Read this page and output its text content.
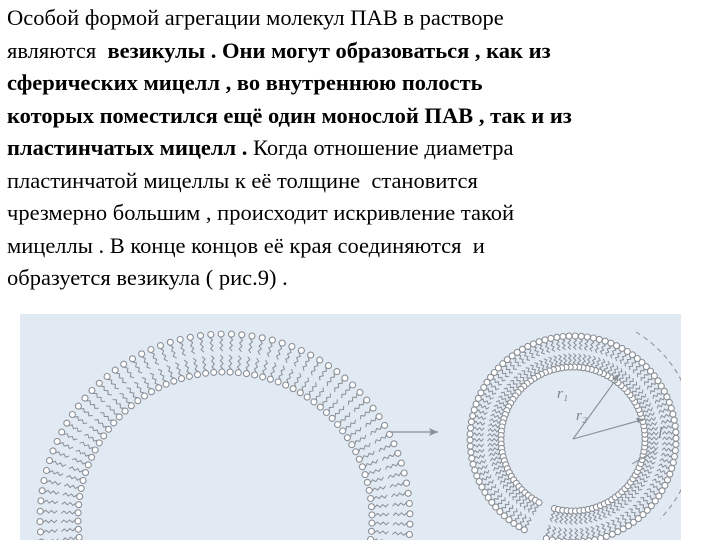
Особой формой агрегации молекул ПАВ в растворе
являются  везикулы . Они могут образоваться , как из
сферических мицелл , во внутреннюю полость
которых поместился ещё один монослой ПАВ , так и из
пластинчатых мицелл . Когда отношение диаметра
пластинчатой мицеллы к её толщине  становится
чрезмерно большим , происходит искривление такой
мицеллы . В конце концов её края соединяются  и
образуется везикула ( рис.9) .
r₁
r₂
l
